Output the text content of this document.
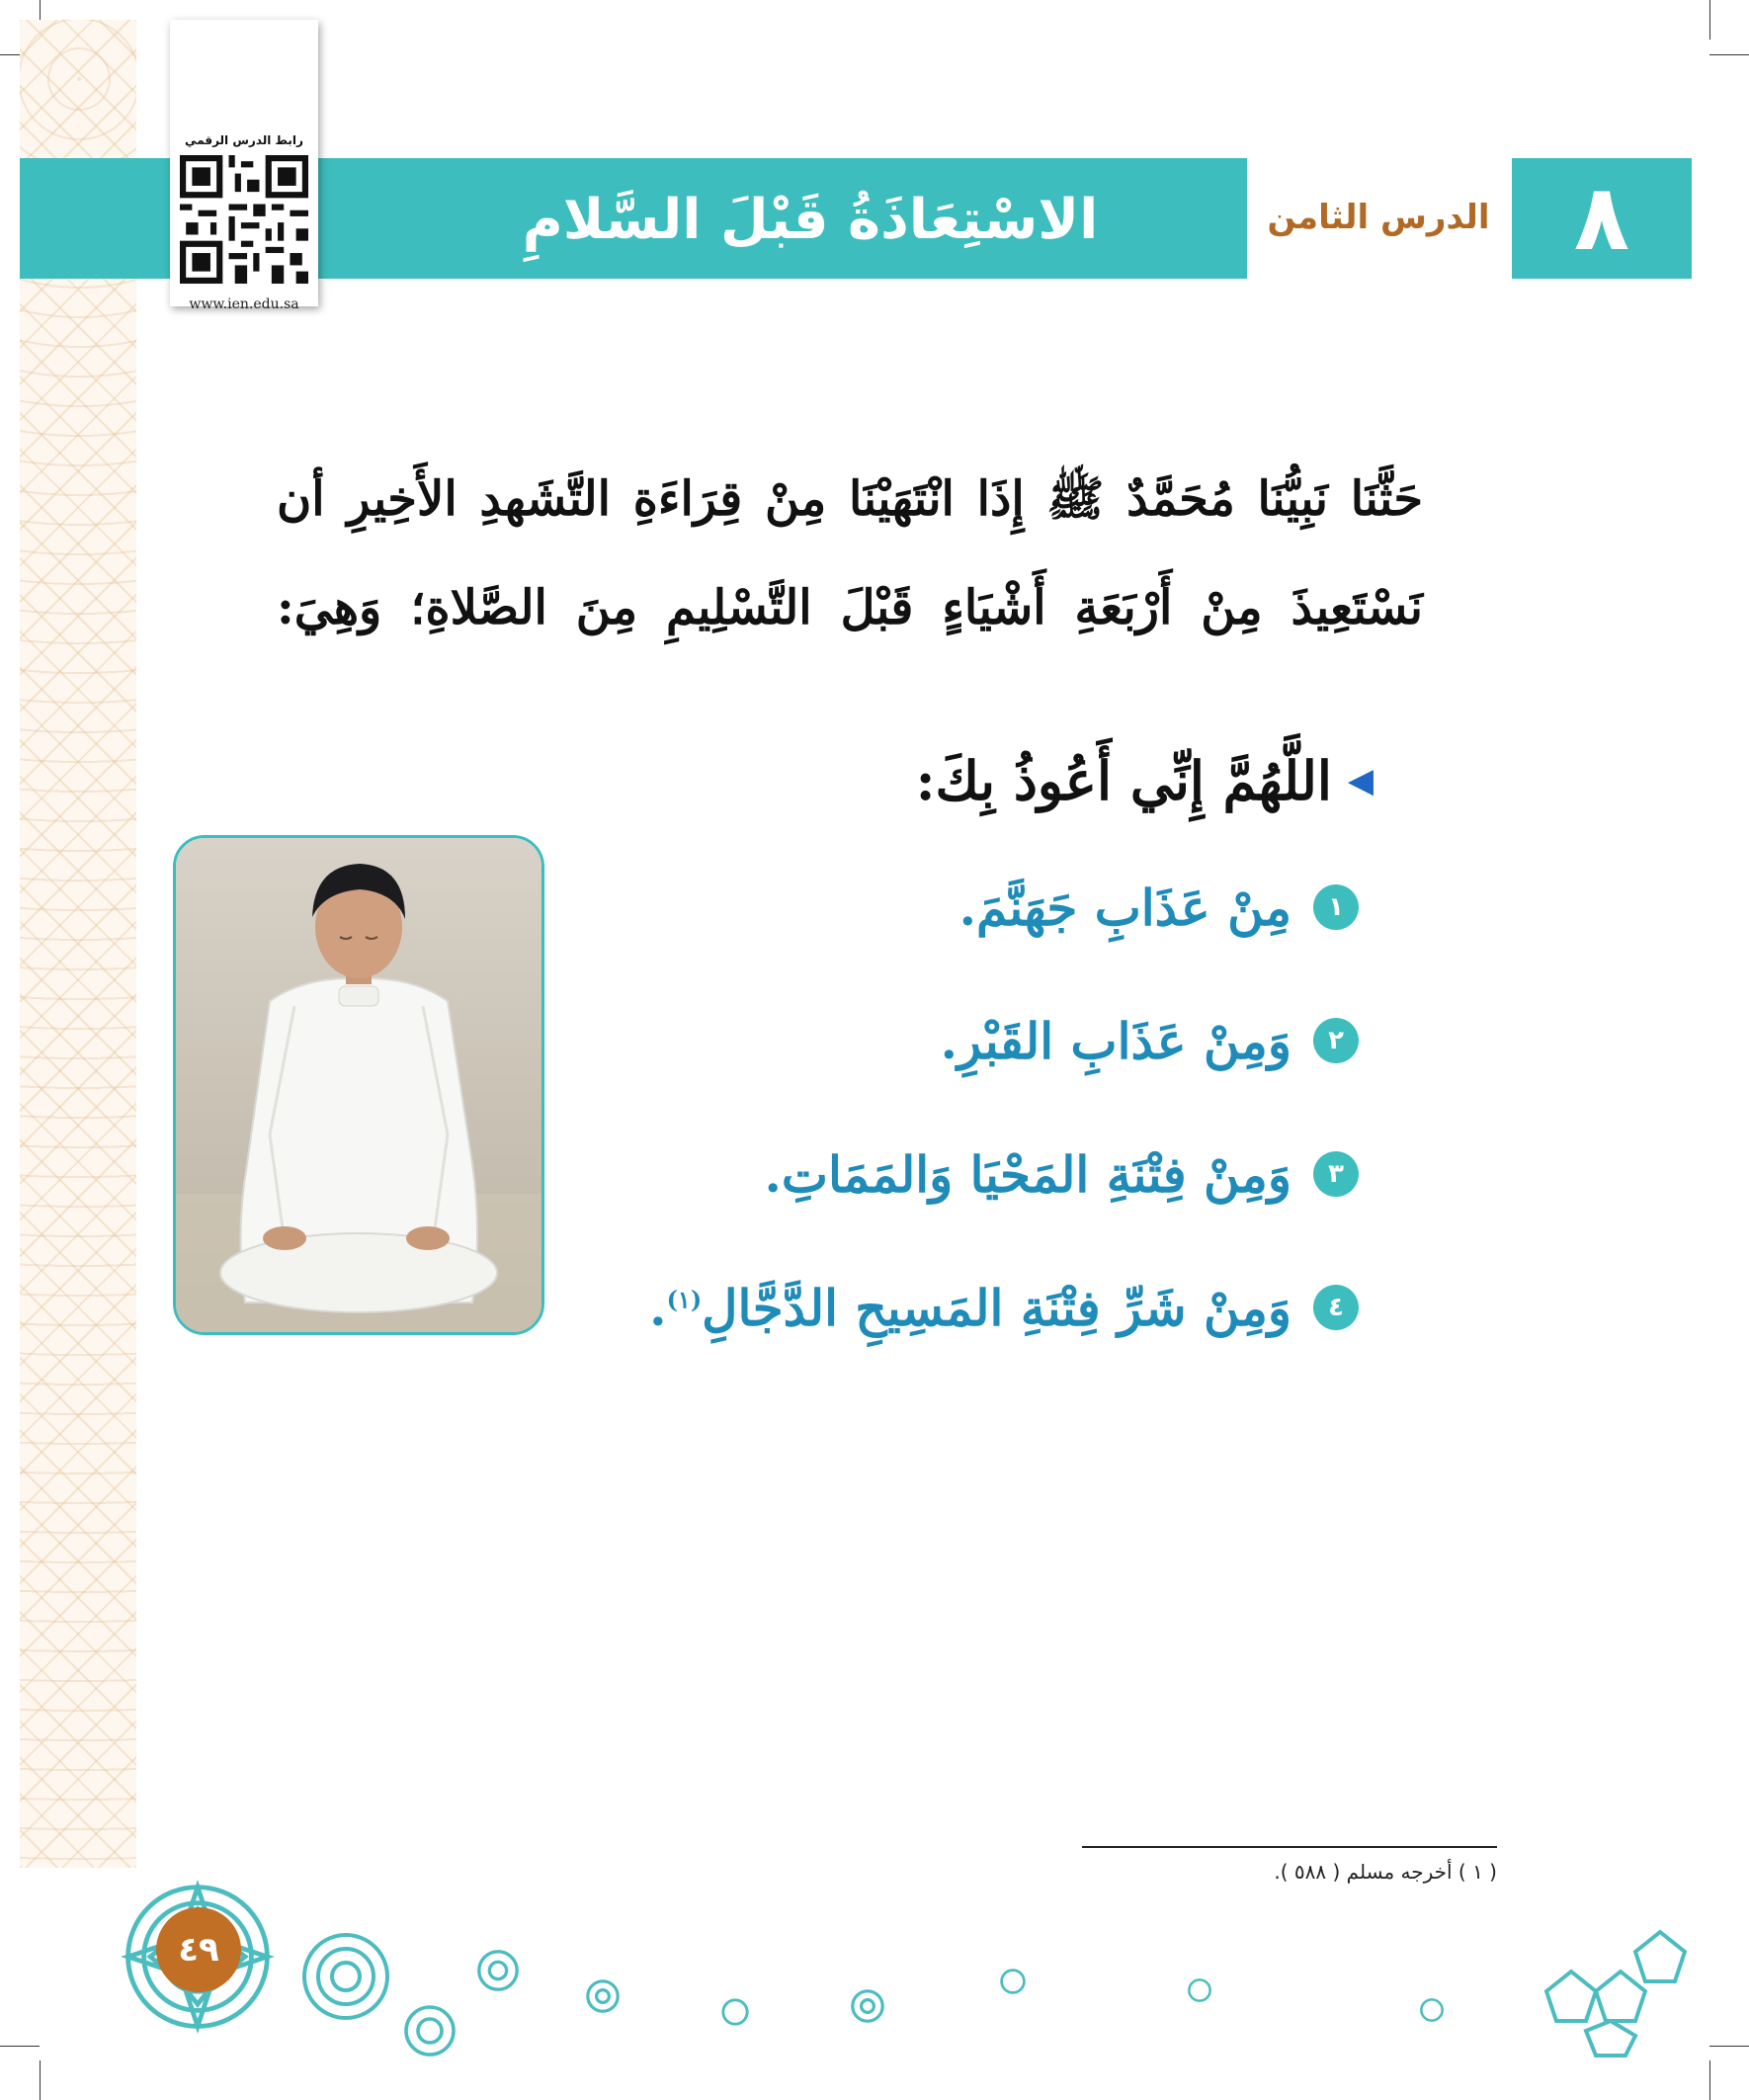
الاسْتِعَاذَةُ قَبْلَ السَّلامِ	الدرس الثامن ٨
رابط الدرس الرقمي
www.ien.edu.sa
حَثَّنَا نَبِيُّنَا مُحَمَّدٌ ﷺ إِذَا انْتَهَيْنَا مِنْ قِرَاءَةِ التَّشَهدِ الأَخِيرِ أن نَسْتَعِيذَ مِنْ أَرْبَعَةِ أَشْيَاءٍ قَبْلَ التَّسْلِيمِ مِنَ الصَّلاةِ؛ وَهِيَ:
◀
اللَّهُمَّ إِنِّي أَعُوذُ بِكَ:
١
مِنْ عَذَابِ جَهَنَّمَ.
٢
وَمِنْ عَذَابِ القَبْرِ.
٣
وَمِنْ فِتْنَةِ المَحْيَا وَالمَمَاتِ.
٤
وَمِنْ شَرِّ فِتْنَةِ المَسِيحِ الدَّجَّالِ$^{(١)}$.
( ١ ) أخرجه مسلم ( ٥٨٨ ).
٤٩
